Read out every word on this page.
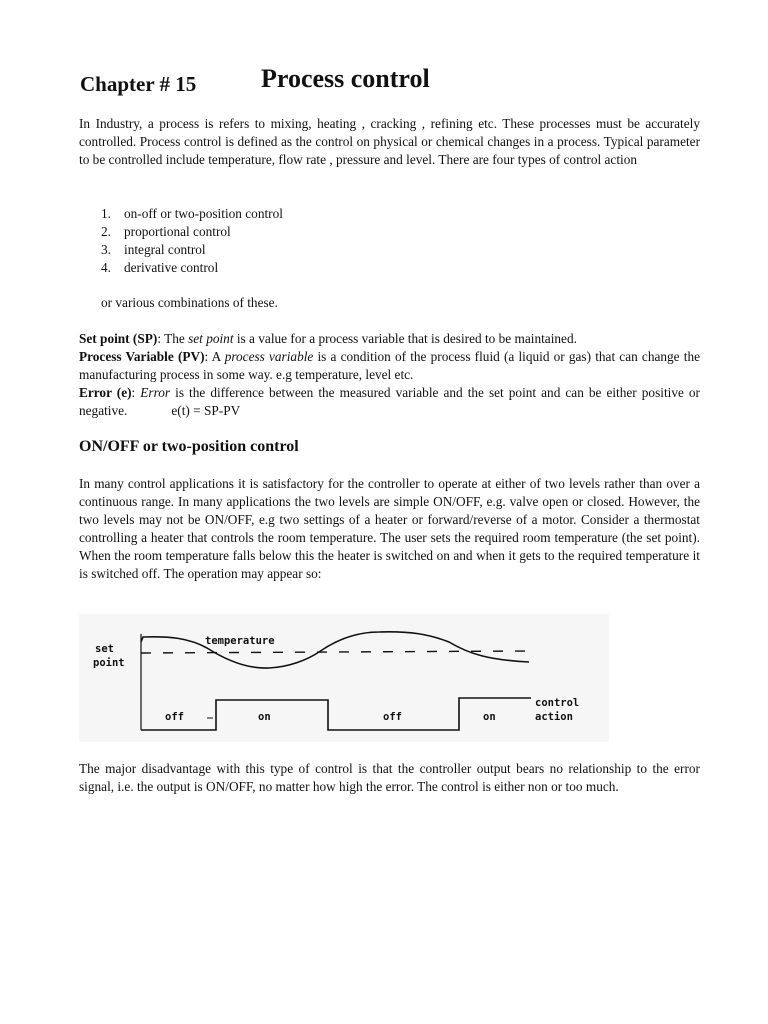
Chapter # 15 Process control
In Industry, a process is refers to mixing, heating , cracking , refining etc. These processes must be accurately controlled. Process control is defined as the control on physical or chemical changes in a process. Typical parameter to be controlled include temperature, flow rate , pressure and level. There are four types of control action
1. on-off or two-position control
2. proportional control
3. integral control
4. derivative control
or various combinations of these.

Set point (SP): The set point is a value for a process variable that is desired to be maintained.

Process Variable (PV): A process variable is a condition of the process fluid (a liquid or gas) that can change the manufacturing process in some way. e.g temperature, level etc.

Error (e): Error is the difference between the measured variable and the set point and can be either positive or negative.	e(t) = SP-PV

ON/OFF or two-position control
In many control applications it is satisfactory for the controller to operate at either of two levels rather than over a continuous range. In many applications the two levels are simple ON/OFF, e.g. valve open or closed. However, the two levels may not be ON/OFF, e.g two settings of a heater or forward/reverse of a motor. Consider a thermostat controlling a heater that controls the room temperature. The user sets the required room temperature (the set point). When the room temperature falls below this the heater is switched on and when it gets to the required temperature it is switched off. The operation may appear so:
set
point
temperature
control
action
off	on	off	on
The major disadvantage with this type of control is that the controller output bears no relationship to the error signal, i.e. the output is ON/OFF, no matter how high the error. The control is either non or too much.
